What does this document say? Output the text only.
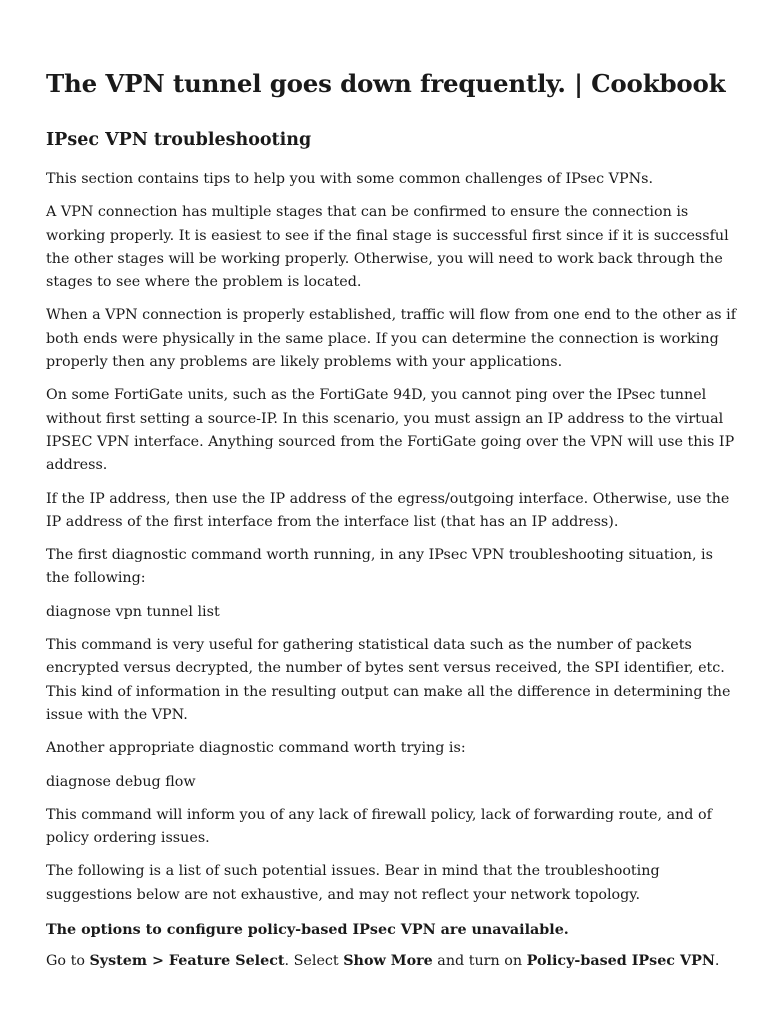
The VPN tunnel goes down frequently. | Cookbook
IPsec VPN troubleshooting

This section contains tips to help you with some common challenges of IPsec VPNs.

A VPN connection has multiple stages that can be confirmed to ensure the connection is working properly. It is easiest to see if the final stage is successful first since if it is successful the other stages will be working properly. Otherwise, you will need to work back through the stages to see where the problem is located.

When a VPN connection is properly established, traffic will flow from one end to the other as if both ends were physically in the same place. If you can determine the connection is working properly then any problems are likely problems with your applications.

On some FortiGate units, such as the FortiGate 94D, you cannot ping over the IPsec tunnel without first setting a source-IP. In this scenario, you must assign an IP address to the virtual IPSEC VPN interface. Anything sourced from the FortiGate going over the VPN will use this IP address.

If the IP address, then use the IP address of the egress/outgoing interface. Otherwise, use the IP address of the first interface from the interface list (that has an IP address).

The first diagnostic command worth running, in any IPsec VPN troubleshooting situation, is the following:

diagnose vpn tunnel list

This command is very useful for gathering statistical data such as the number of packets encrypted versus decrypted, the number of bytes sent versus received, the SPI identifier, etc. This kind of information in the resulting output can make all the difference in determining the issue with the VPN.

Another appropriate diagnostic command worth trying is:

diagnose debug flow

This command will inform you of any lack of firewall policy, lack of forwarding route, and of policy ordering issues.

The following is a list of such potential issues. Bear in mind that the troubleshooting suggestions below are not exhaustive, and may not reflect your network topology.

The options to configure policy-based IPsec VPN are unavailable.

Go to System > Feature Select. Select Show More and turn on Policy-based IPsec VPN.
